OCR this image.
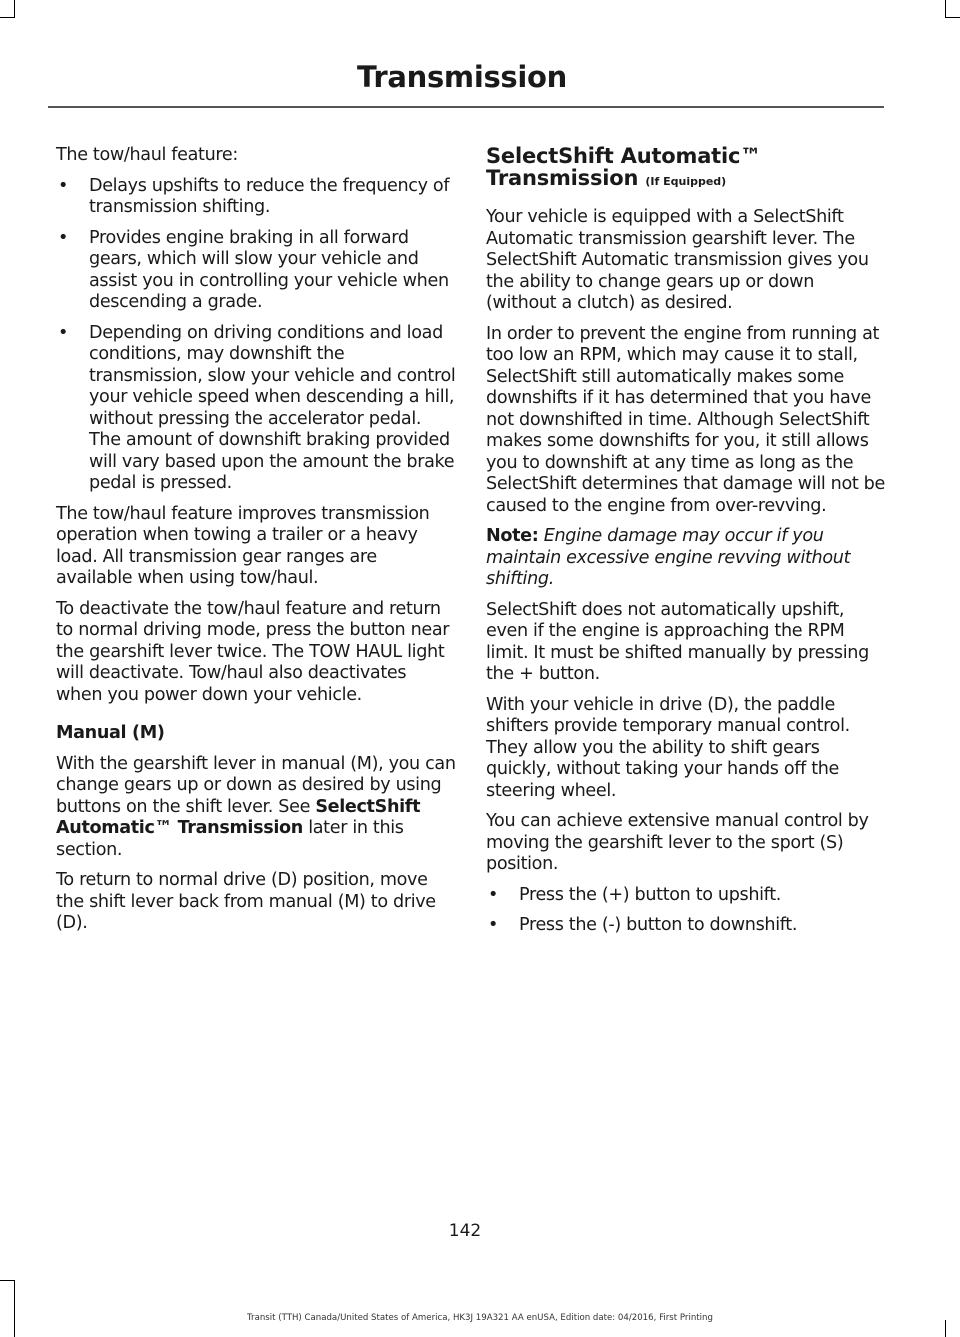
Transmission

The tow/haul feature:

• Delays upshifts to reduce the frequency of transmission shifting.
• Provides engine braking in all forward gears, which will slow your vehicle and assist you in controlling your vehicle when descending a grade.
• Depending on driving conditions and load conditions, may downshift the transmission, slow your vehicle and control your vehicle speed when descending a hill, without pressing the accelerator pedal. The amount of downshift braking provided will vary based upon the amount the brake pedal is pressed.

The tow/haul feature improves transmission operation when towing a trailer or a heavy load. All transmission gear ranges are available when using tow/haul.

To deactivate the tow/haul feature and return to normal driving mode, press the button near the gearshift lever twice. The TOW HAUL light will deactivate. Tow/haul also deactivates when you power down your vehicle.

Manual (M)

With the gearshift lever in manual (M), you can change gears up or down as desired by using buttons on the shift lever. See SelectShift Automatic™ Transmission later in this section.

To return to normal drive (D) position, move the shift lever back from manual (M) to drive (D).

SelectShift Automatic™
Transmission (If Equipped)

Your vehicle is equipped with a SelectShift Automatic transmission gearshift lever. The SelectShift Automatic transmission gives you the ability to change gears up or down (without a clutch) as desired.

In order to prevent the engine from running at too low an RPM, which may cause it to stall, SelectShift still automatically makes some downshifts if it has determined that you have not downshifted in time. Although SelectShift makes some downshifts for you, it still allows you to downshift at any time as long as the SelectShift determines that damage will not be caused to the engine from over-revving.

Note: Engine damage may occur if you maintain excessive engine revving without shifting.

SelectShift does not automatically upshift, even if the engine is approaching the RPM limit. It must be shifted manually by pressing the + button.

With your vehicle in drive (D), the paddle shifters provide temporary manual control. They allow you the ability to shift gears quickly, without taking your hands off the steering wheel.

You can achieve extensive manual control by moving the gearshift lever to the sport (S) position.

• Press the (+) button to upshift.
• Press the (-) button to downshift.

142

Transit (TTH) Canada/United States of America, HK3J 19A321 AA enUSA, Edition date: 04/2016, First Printing
